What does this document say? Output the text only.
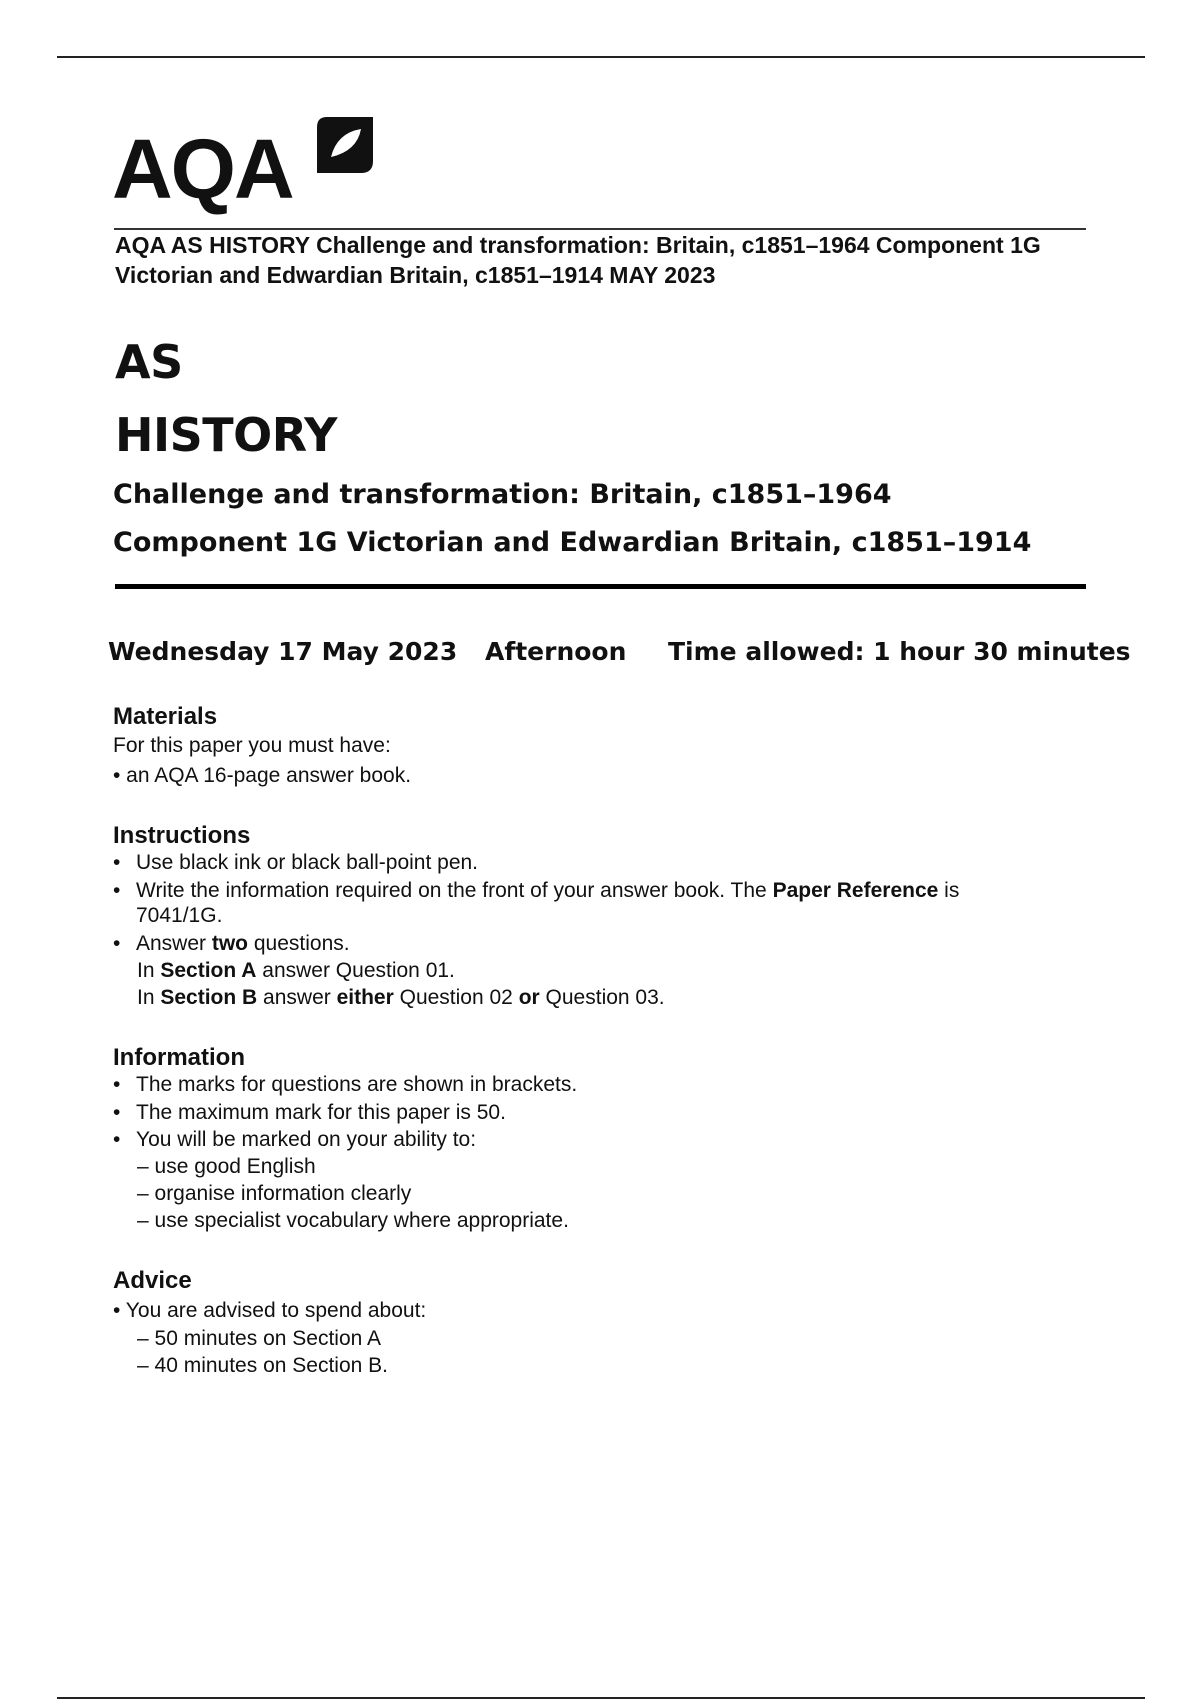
AQA
AQA AS HISTORY Challenge and transformation: Britain, c1851–1964 Component 1G
Victorian and Edwardian Britain, c1851–1914 MAY 2023
AS
HISTORY
Challenge and transformation: Britain, c1851–1964
Component 1G Victorian and Edwardian Britain, c1851–1914
Wednesday 17 May 2023 Afternoon Time allowed: 1 hour 30 minutes
Materials
For this paper you must have:
• an AQA 16-page answer book.
Instructions
• Use black ink or black ball-point pen.
• Write the information required on the front of your answer book. The Paper Reference is
7041/1G.
• Answer two questions.
In Section A answer Question 01.
In Section B answer either Question 02 or Question 03.
Information
• The marks for questions are shown in brackets.
• The maximum mark for this paper is 50.
• You will be marked on your ability to:
– use good English
– organise information clearly
– use specialist vocabulary where appropriate.
Advice
• You are advised to spend about:
– 50 minutes on Section A
– 40 minutes on Section B.
